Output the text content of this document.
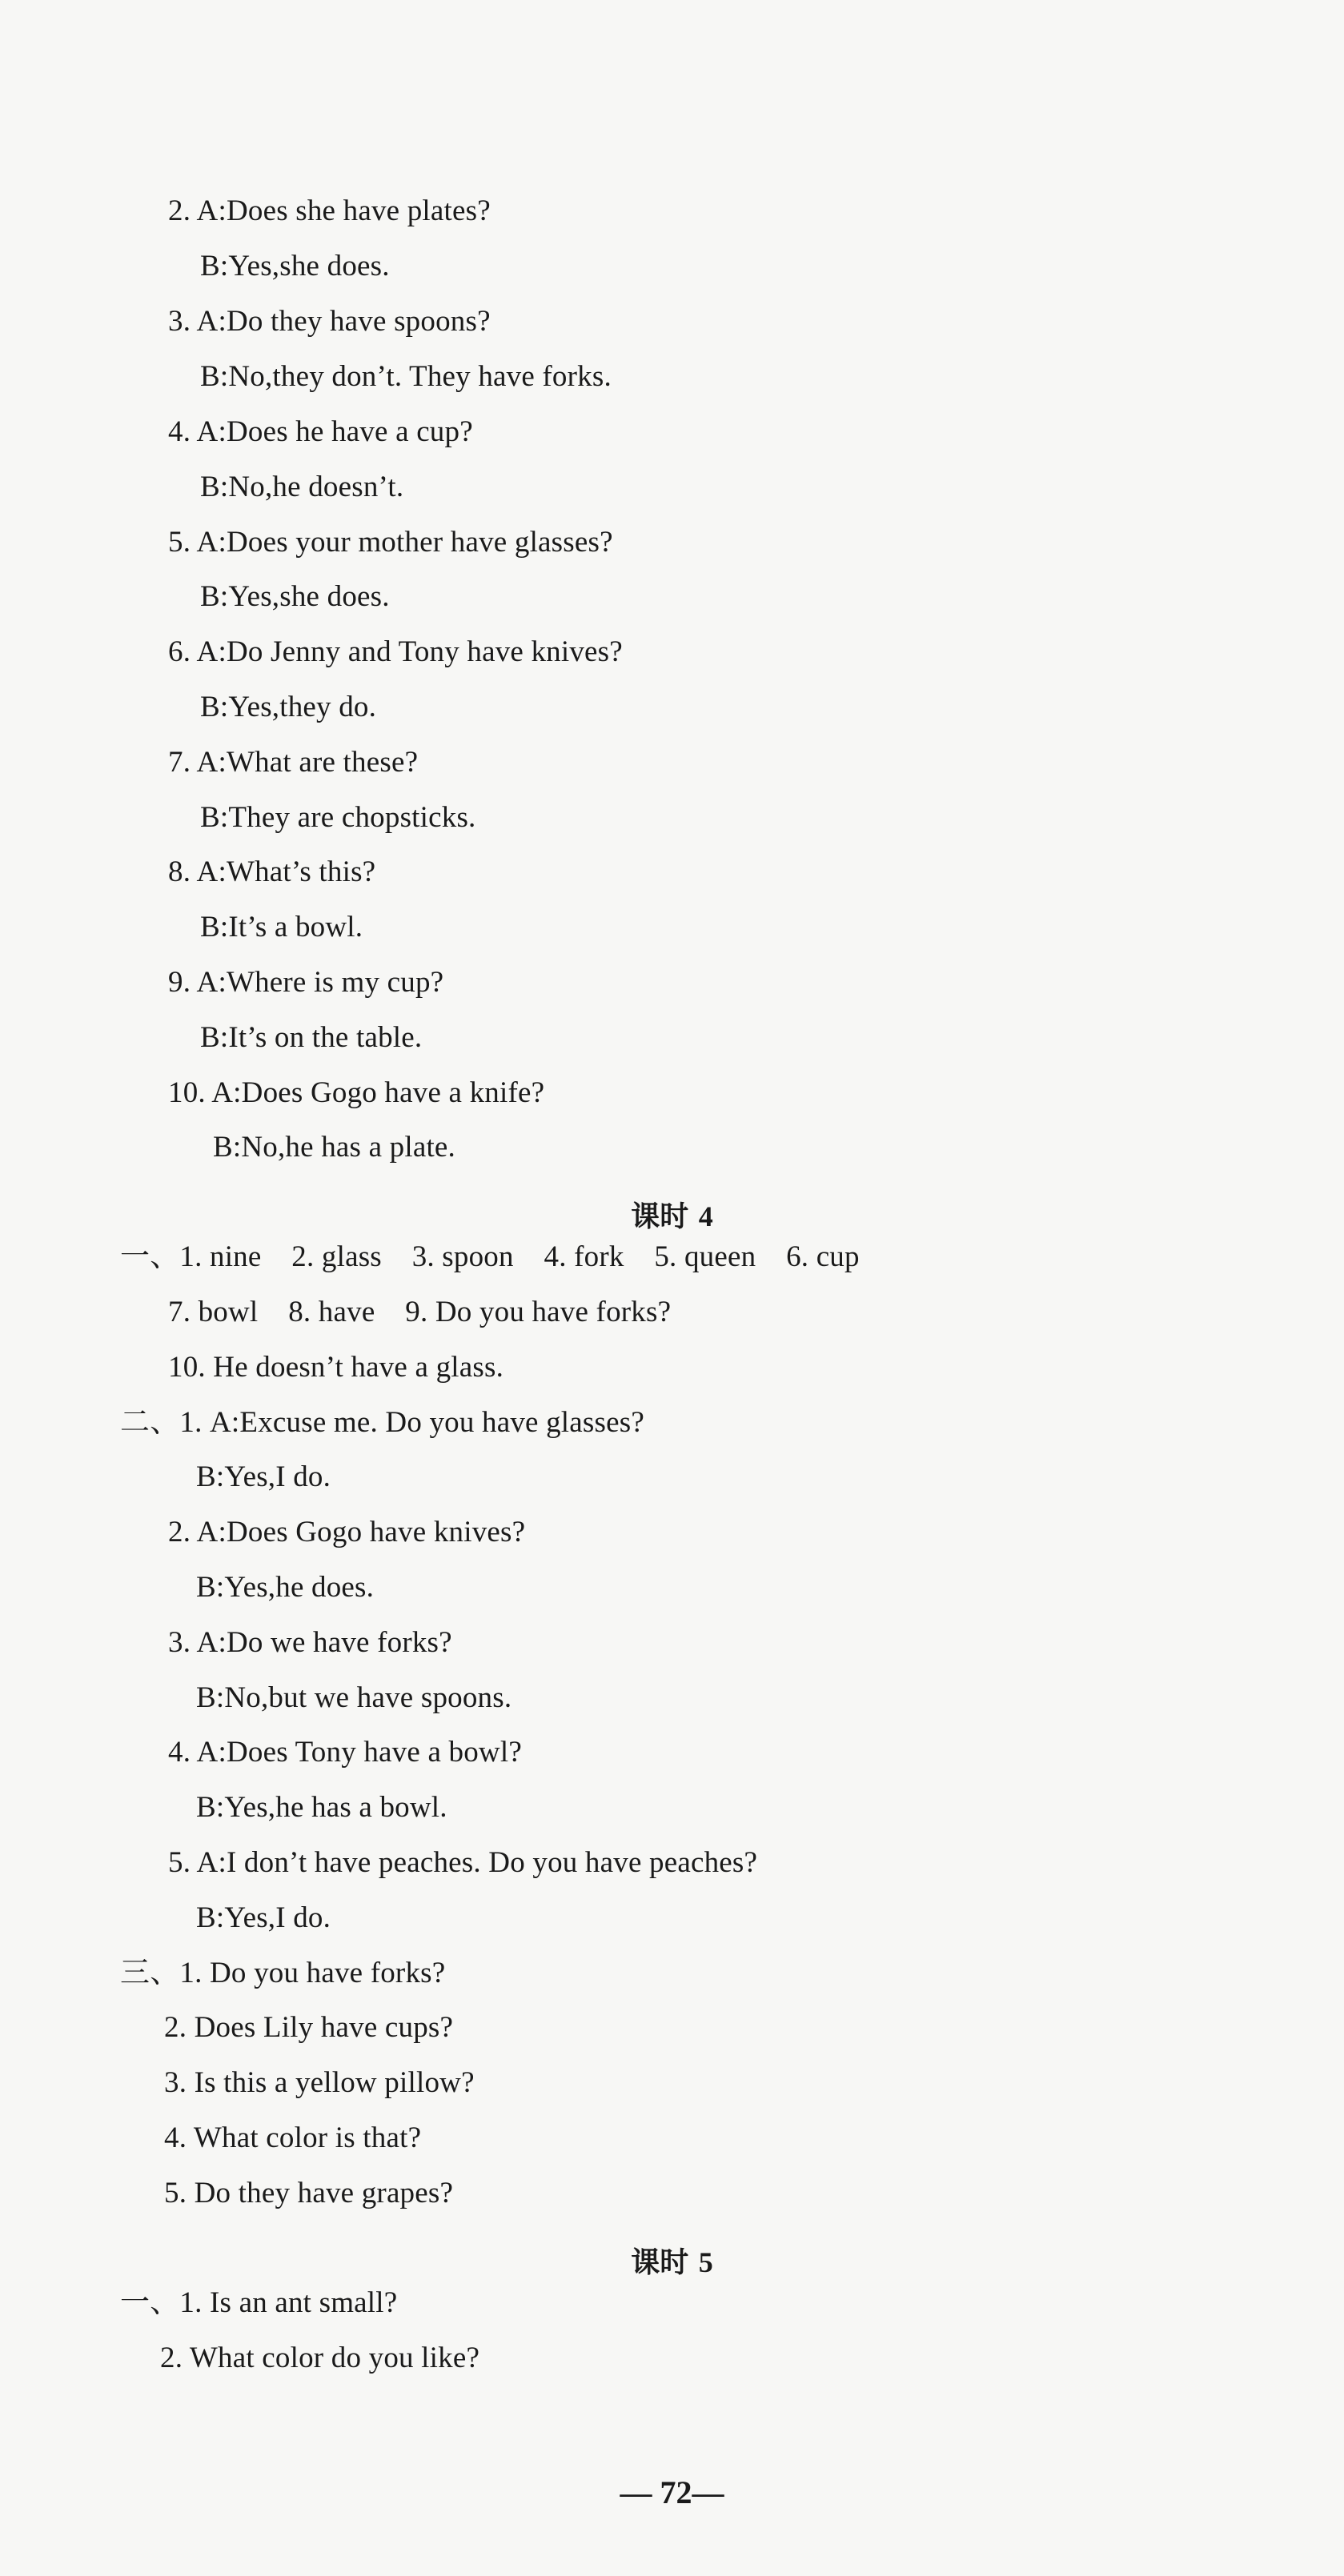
2. A:Does she have plates?
B:Yes,she does.
3. A:Do they have spoons?
B:No,they don’t. They have forks.
4. A:Does he have a cup?
B:No,he doesn’t.
5. A:Does your mother have glasses?
B:Yes,she does.
6. A:Do Jenny and Tony have knives?
B:Yes,they do.
7. A:What are these?
B:They are chopsticks.
8. A:What’s this?
B:It’s a bowl.
9. A:Where is my cup?
B:It’s on the table.
10. A:Does Gogo have a knife?
B:No,he has a plate.
课时 4
一、1. nine    2. glass    3. spoon    4. fork    5. queen    6. cup
7. bowl    8. have    9. Do you have forks?
10. He doesn’t have a glass.
二、1. A:Excuse me. Do you have glasses?
B:Yes,I do.
2. A:Does Gogo have knives?
B:Yes,he does.
3. A:Do we have forks?
B:No,but we have spoons.
4. A:Does Tony have a bowl?
B:Yes,he has a bowl.
5. A:I don’t have peaches. Do you have peaches?
B:Yes,I do.
三、1. Do you have forks?
2. Does Lily have cups?
3. Is this a yellow pillow?
4. What color is that?
5. Do they have grapes?
课时 5
一、1. Is an ant small?
2. What color do you like?
— 72—
